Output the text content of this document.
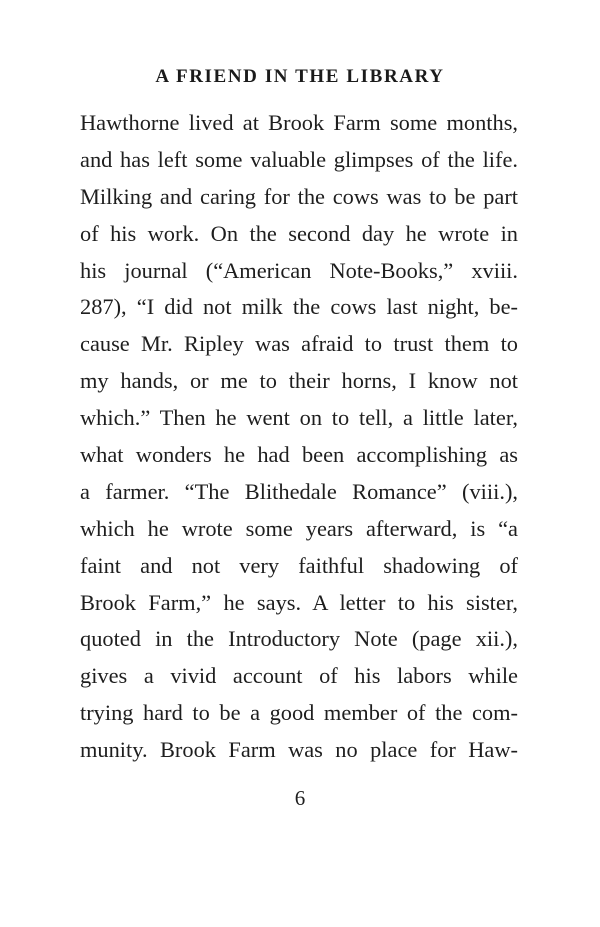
A FRIEND IN THE LIBRARY
Hawthorne lived at Brook Farm some months,
and has left some valuable glimpses of the life.
Milking and caring for the cows was to be part
of his work. On the second day he wrote in
his journal (“American Note-Books,” xviii.
287), “I did not milk the cows last night, be-
cause Mr. Ripley was afraid to trust them to
my hands, or me to their horns, I know not
which.” Then he went on to tell, a little later,
what wonders he had been accomplishing as
a farmer. “The Blithedale Romance” (viii.),
which he wrote some years afterward, is “a
faint and not very faithful shadowing of
Brook Farm,” he says. A letter to his sister,
quoted in the Introductory Note (page xii.),
gives a vivid account of his labors while
trying hard to be a good member of the com-
munity. Brook Farm was no place for Haw-
6
